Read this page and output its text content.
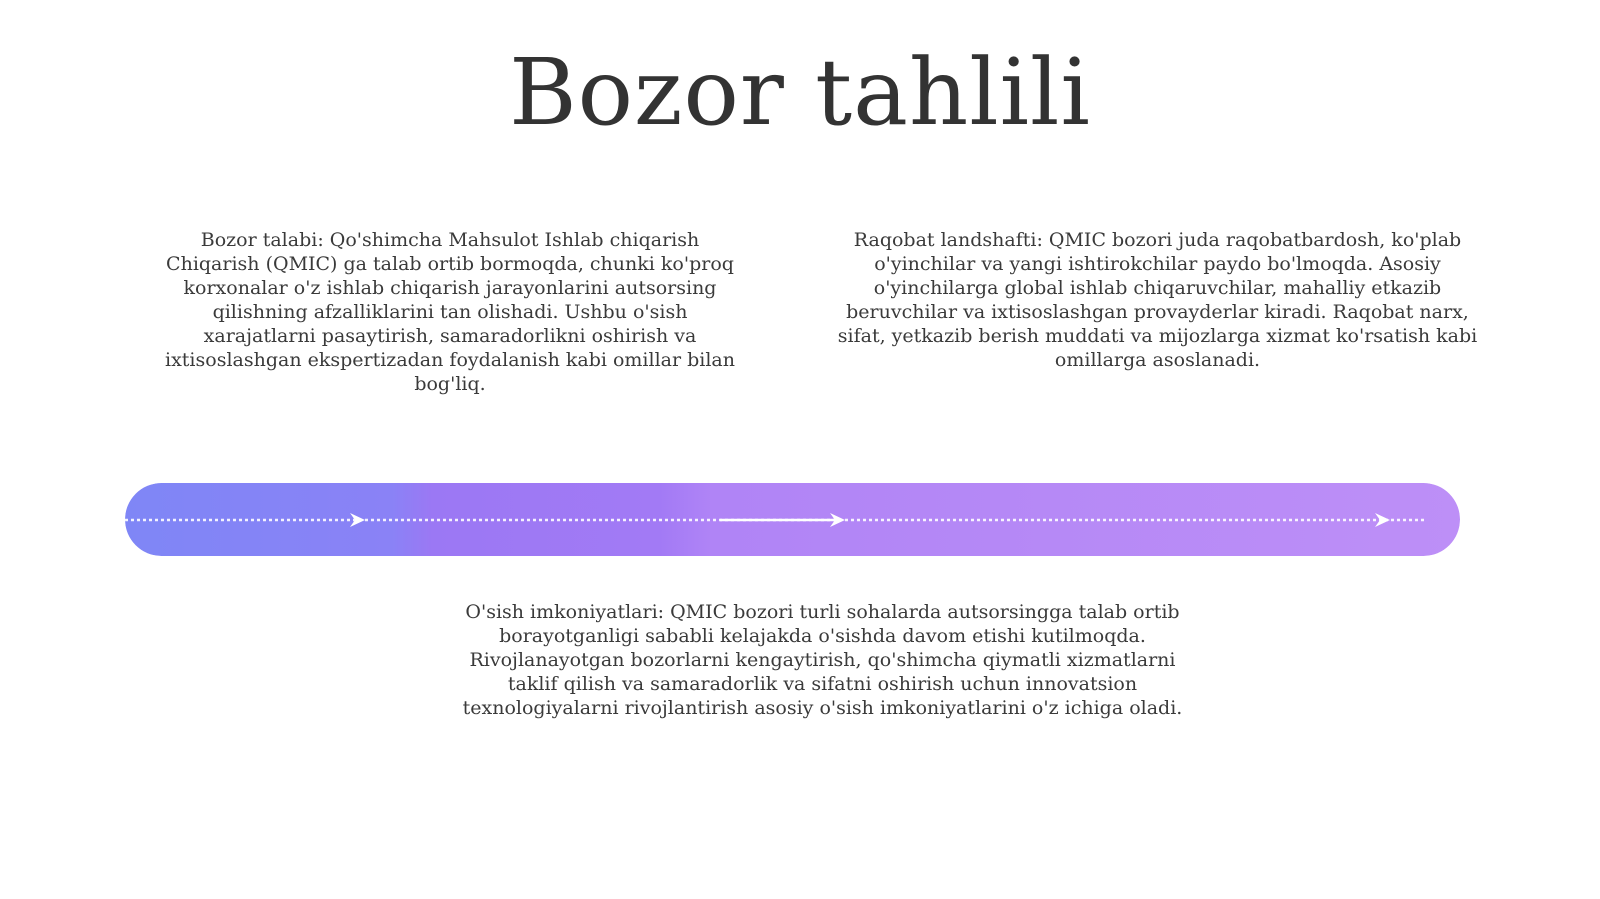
Bozor tahlili

Bozor talabi: Qo'shimcha Mahsulot Ishlab chiqarish Chiqarish (QMIC) ga talab ortib bormoqda, chunki ko'proq korxonalar o'z ishlab chiqarish jarayonlarini autsorsing qilishning afzalliklarini tan olishadi. Ushbu o'sish xarajatlarni pasaytirish, samaradorlikni oshirish va ixtisoslashgan ekspertizadan foydalanish kabi omillar bilan bog'liq.

Raqobat landshafti: QMIC bozori juda raqobatbardosh, ko'plab o'yinchilar va yangi ishtirokchilar paydo bo'lmoqda. Asosiy o'yinchilarga global ishlab chiqaruvchilar, mahalliy etkazib beruvchilar va ixtisoslashgan provayderlar kiradi. Raqobat narx, sifat, yetkazib berish muddati va mijozlarga xizmat ko'rsatish kabi omillarga asoslanadi.

O'sish imkoniyatlari: QMIC bozori turli sohalarda autsorsingga talab ortib borayotganligi sababli kelajakda o'sishda davom etishi kutilmoqda. Rivojlanayotgan bozorlarni kengaytirish, qo'shimcha qiymatli xizmatlarni taklif qilish va samaradorlik va sifatni oshirish uchun innovatsion texnologiyalarni rivojlantirish asosiy o'sish imkoniyatlarini o'z ichiga oladi.
